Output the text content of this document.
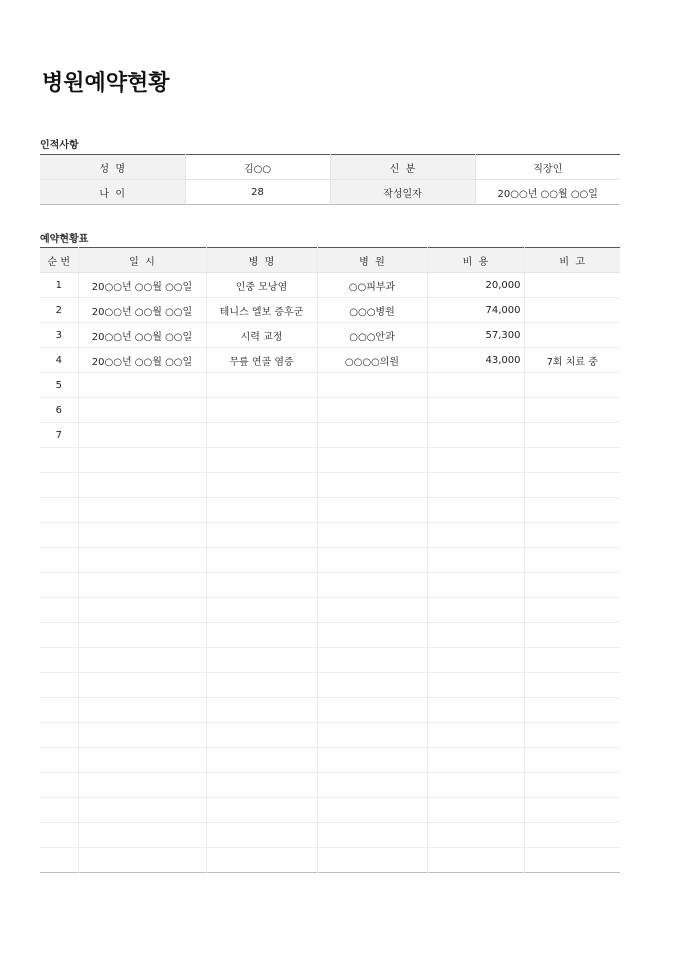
병원예약현황
인적사항
성  명	김○○	신  분	직장인
나  이	28	작성일자	20○○년 ○○월 ○○일
예약현황표
순 번	일  시	병  명	병  원	비  용	비  고
1	20○○년 ○○월 ○○일	인중 모낭염	○○피부과	20,000	
2	20○○년 ○○월 ○○일	테니스 엘보 증후군	○○○병원	74,000	
3	20○○년 ○○월 ○○일	시력 교정	○○○안과	57,300	
4	20○○년 ○○월 ○○일	무릎 연골 염증	○○○○의원	43,000	7회 치료 중
5					
6					
7					
